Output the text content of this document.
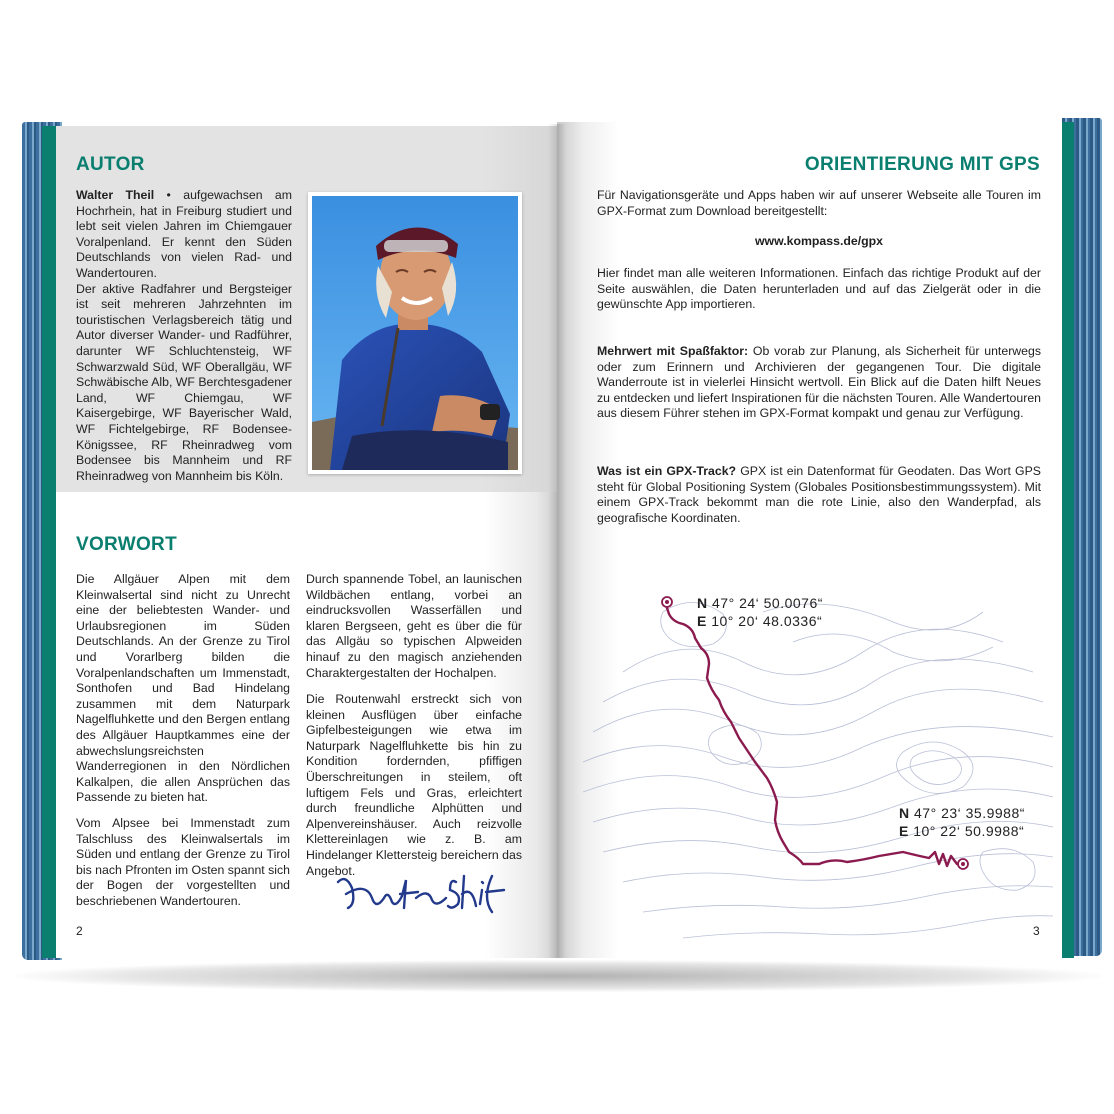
AUTOR

Walter Theil • aufgewachsen am Hochrhein, hat in Freiburg studiert und lebt seit vielen Jahren im Chiemgauer Voralpenland. Er kennt den Süden Deutschlands von vielen Rad- und Wandertouren.
Der aktive Radfahrer und Bergsteiger ist seit mehreren Jahrzehnten im touristischen Verlagsbereich tätig und Autor diverser Wander- und Radführer, darunter WF Schluchtensteig, WF Schwarzwald Süd, WF Oberallgäu, WF Schwäbische Alb, WF Berchtesgadener Land, WF Chiemgau, WF Kaisergebirge, WF Bayerischer Wald, WF Fichtelgebirge, RF Bodensee-Königssee, RF Rheinradweg vom Bodensee bis Mannheim und RF Rheinradweg von Mannheim bis Köln.

VORWORT

Die Allgäuer Alpen mit dem Kleinwalsertal sind nicht zu Unrecht eine der beliebtesten Wander- und Urlaubsregionen im Süden Deutschlands. An der Grenze zu Tirol und Vorarlberg bilden die Voralpenlandschaften um Immenstadt, Sonthofen und Bad Hindelang zusammen mit dem Naturpark Nagelfluhkette und den Bergen entlang des Allgäuer Hauptkammes eine der abwechslungsreichsten Wanderregionen in den Nördlichen Kalkalpen, die allen Ansprüchen das Passende zu bieten hat.

Vom Alpsee bei Immenstadt zum Talschluss des Kleinwalsertals im Süden und entlang der Grenze zu Tirol bis nach Pfronten im Osten spannt sich der Bogen der vorgestellten und beschriebenen Wandertouren.

Durch spannende Tobel, an launischen Wildbächen entlang, vorbei an eindrucksvollen Wasserfällen und klaren Bergseen, geht es über die für das Allgäu so typischen Alpweiden hinauf zu den magisch anziehenden Charaktergestalten der Hochalpen.

Die Routenwahl erstreckt sich von kleinen Ausflügen über einfache Gipfelbesteigungen wie etwa im Naturpark Nagelfluhkette bis hin zu Kondition fordernden, pfiffigen Überschreitungen in steilem, oft luftigem Fels und Gras, erleichtert durch freundliche Alphütten und Alpenvereinshäuser. Auch reizvolle Klettereinlagen wie z. B. am Hindelanger Klettersteig bereichern das Angebot.

2
ORIENTIERUNG MIT GPS

Für Navigationsgeräte und Apps haben wir auf unserer Webseite alle Touren im GPX-Format zum Download bereitgestellt:

www.kompass.de/gpx

Hier findet man alle weiteren Informationen. Einfach das richtige Produkt auf der Seite auswählen, die Daten herunterladen und auf das Zielgerät oder in die gewünschte App importieren.

Mehrwert mit Spaßfaktor: Ob vorab zur Planung, als Sicherheit für unterwegs oder zum Erinnern und Archivieren der gegangenen Tour. Die digitale Wanderroute ist in vielerlei Hinsicht wertvoll. Ein Blick auf die Daten hilft Neues zu entdecken und liefert Inspirationen für die nächsten Touren. Alle Wandertouren aus diesem Führer stehen im GPX-Format kompakt und genau zur Verfügung.

Was ist ein GPX-Track? GPX ist ein Datenformat für Geodaten. Das Wort GPS steht für Global Positioning System (Globales Positionsbestimmungssystem). Mit einem GPX-Track bekommt man die rote Linie, also den Wanderpfad, als geografische Koordinaten.

N 47° 24‘ 50.0076“
E 10° 20‘ 48.0336“
N 47° 23‘ 35.9988“
E 10° 22‘ 50.9988“
3
